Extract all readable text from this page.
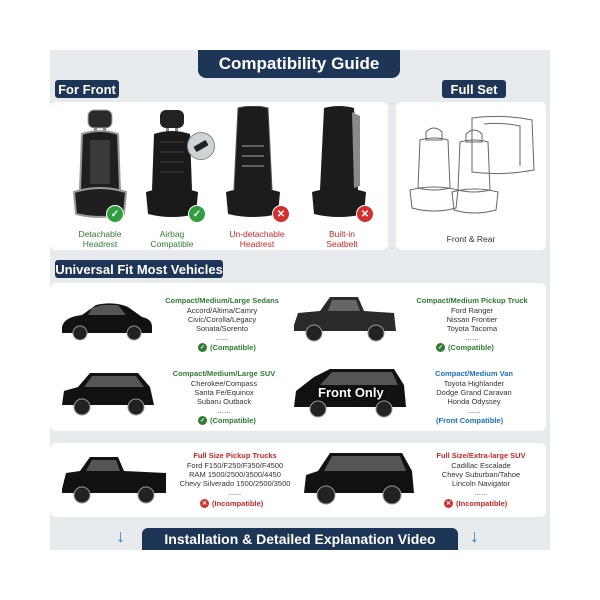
Compatibility Guide
For Front
✓
Detachable
Headrest
✓
Airbag
Compatible
✕
Un-detachable
Headrest
✕
Built-in
Seatbelt
Full Set
Front & Rear
Universal Fit Most Vehicles
Compact/Medium/Large Sedans
Accord/Altima/Camry
Civic/Corolla/Legacy
Sonata/Sorento
......
✓ (Compatible)
Compact/Medium Pickup Truck
Ford Ranger
Nissan Frontier
Toyota Tacoma
......
✓ (Compatible)
Compact/Medium/Large SUV
Cherokee/Compass
Santa Fe/Equinox
Subaru Outback
......
✓ (Compatible)
Front Only
Compact/Medium Van
Toyota Highlander
Dodge Grand Caravan
Honda Odyssey
......
(Front Compatible)
Full Size Pickup Trucks
Ford F150/F250/F350/F4500
RAM 1500/2500/3500/4450
Chevy Silverado 1500/2500/3500
......
✕ (Incompatible)
Full Size/Extra-large SUV
Cadillac Escalade
Chevy Suburban/Tahoe
Lincoln Navigator
......
✕ (Incompatible)
↓	Installation & Detailed Explanation Video	↓
